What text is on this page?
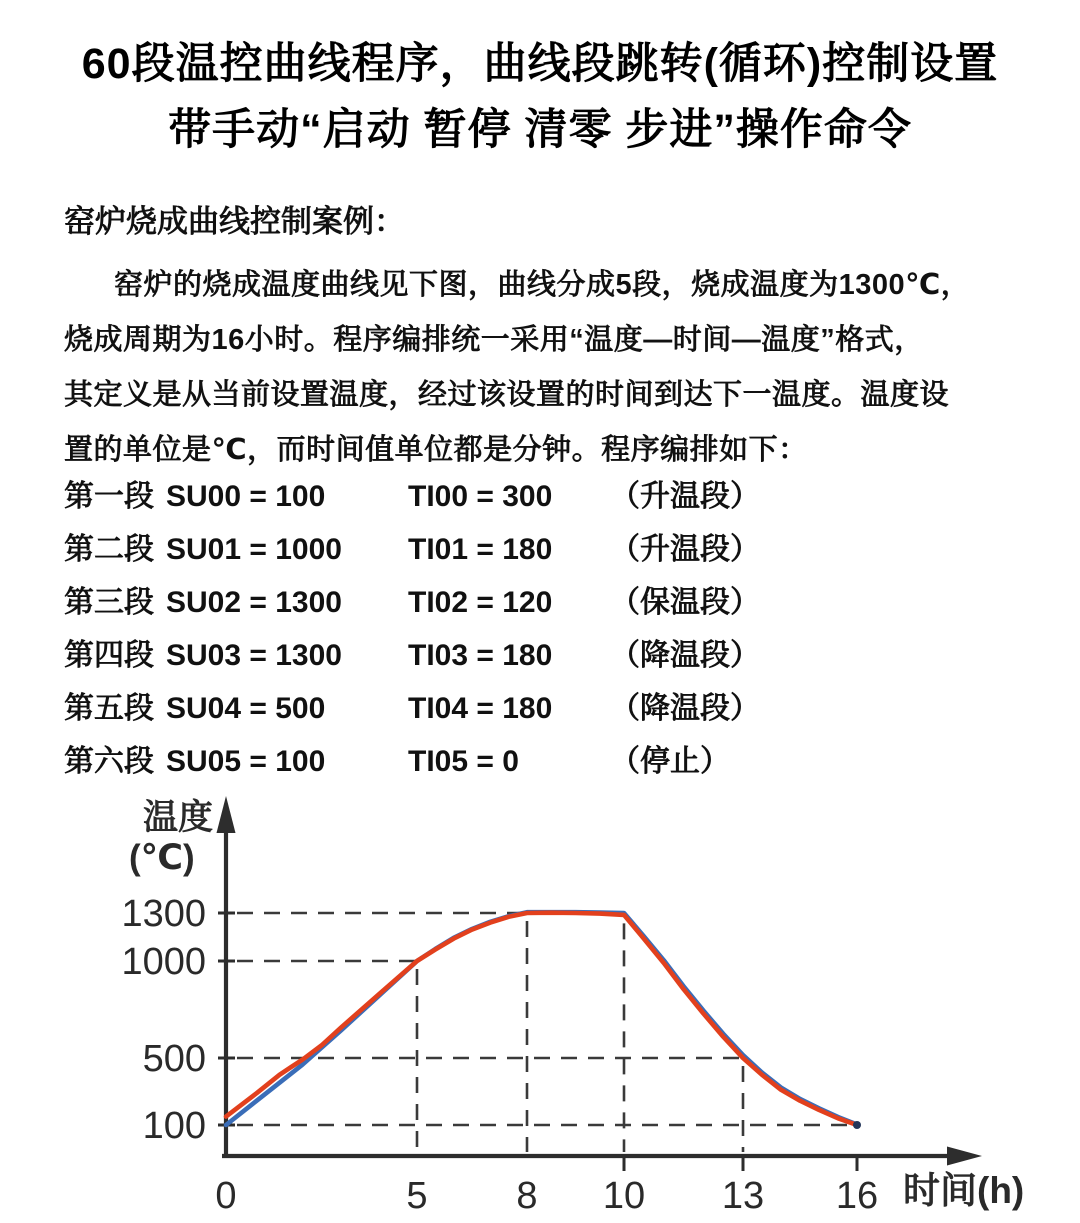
60段温控曲线程序，曲线段跳转(循环)控制设置
带手动“启动 暂停 清零 步进”操作命令
窑炉烧成曲线控制案例：
窑炉的烧成温度曲线见下图，曲线分成5段，烧成温度为1300℃，
烧成周期为16小时。程序编排统一采用“温度—时间—温度”格式，
其定义是从当前设置温度，经过该设置的时间到达下一温度。温度设
置的单位是℃，而时间值单位都是分钟。程序编排如下：
第一段 SU00 = 100	TI00 = 300	（升温段）
第二段 SU01 = 1000	TI01 = 180	（升温段）
第三段 SU02 = 1300	TI02 = 120	（保温段）
第四段 SU03 = 1300	TI03 = 180	（降温段）
第五段 SU04 = 500	TI04 = 180	（降温段）
第六段 SU05 = 100	TI05 = 0	（停止）
1300
1000
500
100
0	5 8 10 13 16
温度
(℃)
时间(h)
